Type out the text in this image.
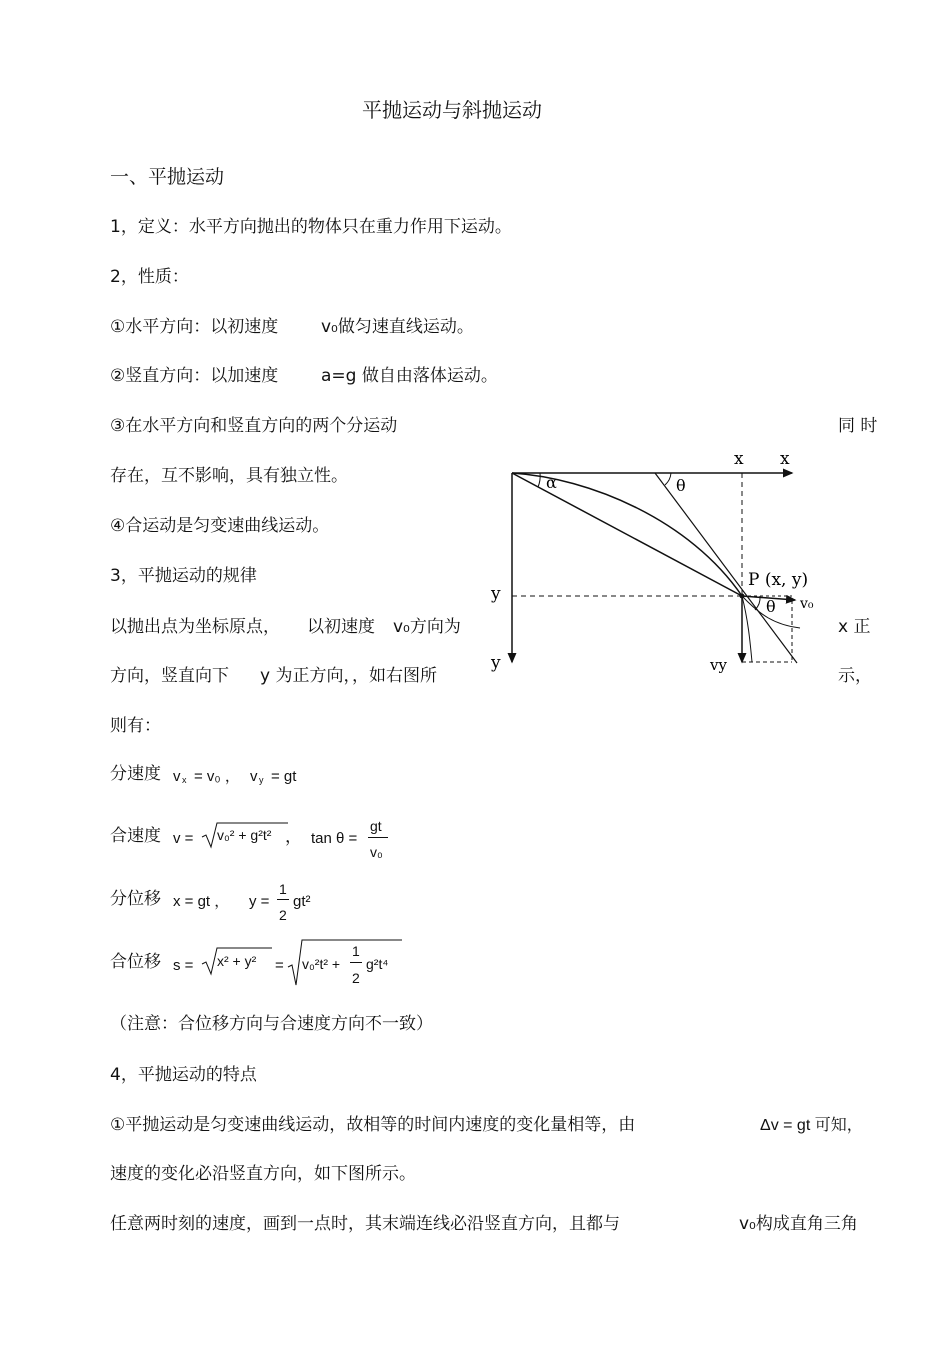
平抛运动与斜抛运动
一、平抛运动
1，定义：水平方向抛出的物体只在重力作用下运动。
2，性质：
①水平方向：以初速度	v₀做匀速直线运动。
②竖直方向：以加速度	a=g 做自由落体运动。
③在水平方向和竖直方向的两个分运动	同 时
存在，互不影响，具有独立性。
④合运动是匀变速曲线运动。
3，平抛运动的规律
以抛出点为坐标原点， 以初速度 v₀方向为	x 正
方向，竖直向下 y 为正方向，，如右图所	示，
则有：
分速度 v x = v₀ ， v y = gt
合速度 v = v₀² + g²t² ， tan θ =
gt
v₀
分位移 x = gt ， y =
1
2
gt²
合位移 s = x² + y² = v₀²t² +
1
2
g²t⁴
（注意：合位移方向与合速度方向不一致）
4，平抛运动的特点
①平抛运动是匀变速曲线运动，故相等的时间内速度的变化量相等，由	Δv = gt 可知，
速度的变化必沿竖直方向，如下图所示。
任意两时刻的速度，画到一点时，其末端连线必沿竖直方向，且都与	v₀构成直角三角
x x
y
y
α	θ
θ
P (x, y)
v₀
vy
